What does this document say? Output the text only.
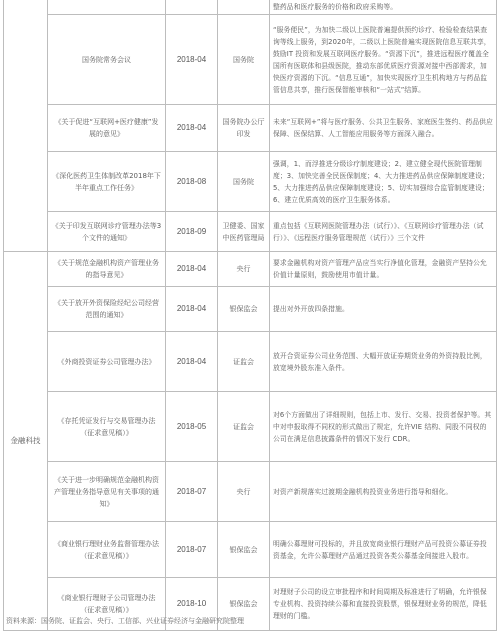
				整药品和医疗服务的价格和政府采购等。
	国务院常务会议	2018-04	国务院	“服务便民”，为加快二级以上医院普遍提供预约诊疗、检验检查结果查询等线上服务，到2020年，二级以上医院普遍实现医院信息互联共享，鼓励IT 投资和发展互联网医疗服务。“资源下沉”，推进远程医疗覆盖全国所有医联体和县级医院，推动东部优质医疗资源对接中西部需求，加快医疗资源的下沉。“信息互通”，加快实现医疗卫生机构地方与药品监管信息共享，推行医保智能审核和“一站式”结算。
	《关于促进“互联网+医疗健康”发展的意见》	2018-04	国务院办公厅印发	未来“互联网+”将与医疗服务、公共卫生服务、家庭医生签约、药品供应保障、医保结算、人工智能应用服务等方面深入融合。
	《深化医药卫生体制改革2018年下半年重点工作任务》	2018-08	国务院	强调，1、而浮推进分级诊疗制度建设；2、建立健全现代医院管理制度；3、加快完善全民医保制度；4、大力推进药品供应保障制度建设；5、大力推进药品供应保障制度建设；5、切实加强综合监管制度建设；6、建立优质高效的医疗卫生服务体系。
	《关于印发互联网诊疗管理办法等3个文件的通知》	2018-09	卫健委、国家中医药管理局	重点包括《互联网医院管理办法（试行）》、《互联网诊疗管理办法（试行）》、《远程医疗服务管理规范（试行）》三个文件
金融科技	《关于规范金融机构资产管理业务的指导意见》	2018-04	央行	要求金融机构对资产管理产品应当实行净值化管理，金融资产坚持公允价值计量原则，鼓励使用市值计量。
	《关于放开外资保险经纪公司经营范围的通知》	2018-04	银保监会	提出对外开放四条措施。
	《外商投资证券公司管理办法》	2018-04	证监会	放开合资证券公司业务范围、大幅开放证券期货业务的外资持股比例，放宽境外股东准入条件。
	《存托凭证发行与交易管理办法（征求意见稿）》	2018-05	证监会	对6个方面做出了详细规则，包括上市、发行、交易、投资者保护等。其中对申报取得不同权的形式做出了规定，允许VIE 结构、同股不同权的公司在满足信息披露条件的情况下发行 CDR。
	《关于进一步明确规范金融机构资产管理业务指导意见有关事项的通知》	2018-07	央行	对资产新规落实过渡期金融机构投资业务进行指导和细化。
	《商业银行理财业务监督管理办法（征求意见稿）》	2018-07	银保监会	明确公募理财可投标的，并且放宽商业银行理财产品可投资公募证券投资基金，允许公募理财产品通过投资各类公募基金间接进入股市。
	《商业银行理财子公司管理办法（征求意见稿）》	2018-10	银保监会	对理财子公司的设立审批程序和时间周期及标准进行了明确，允许银保专业机构、投资持续公募和直接投资股票，银保理财业务的规范，降低理财的门槛。
资料来源：国务院、证监会、央行、工信部、兴业证券经济与金融研究院整理
